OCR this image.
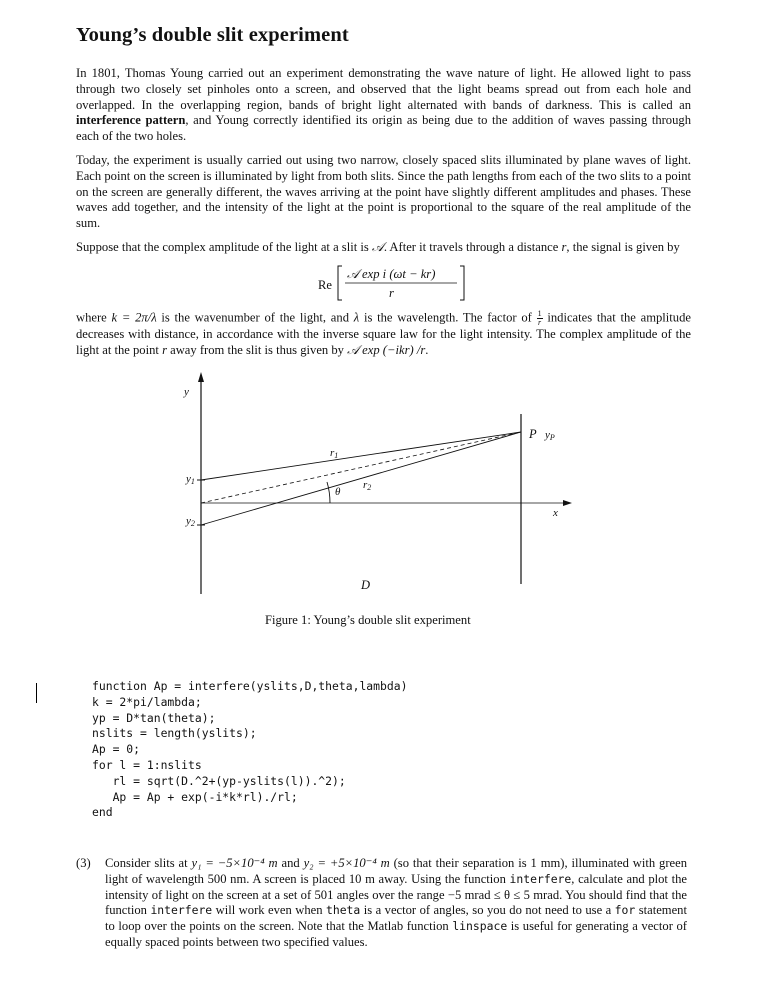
Young’s double slit experiment

In 1801, Thomas Young carried out an experiment demonstrating the wave nature of light. He allowed light to pass through two closely set pinholes onto a screen, and observed that the light beams spread out from each hole and overlapped. In the overlapping region, bands of bright light alternated with bands of darkness. This is called an interference pattern, and Young correctly identified its origin as being due to the addition of waves passing through each of the two holes.

Today, the experiment is usually carried out using two narrow, closely spaced slits illuminated by plane waves of light. Each point on the screen is illuminated by light from both slits. Since the path lengths from each of the two slits to a point on the screen are generally different, the waves arriving at the point have slightly different amplitudes and phases. These waves add together, and the intensity of the light at the point is proportional to the square of the real amplitude of the sum.

Suppose that the complex amplitude of the light at a slit is 𝒜. After it travels through a distance r, the signal is given by

Re
𝒜 exp i (ωt − kr)
r

where k = 2π/λ is the wavenumber of the light, and λ is the wavelength. The factor of $\frac{1}{r}$ indicates that the amplitude decreases with distance, in accordance with the inverse square law for the light intensity. The complex amplitude of the light at the point r away from the slit is thus given by 𝒜 exp (−ikr) /r.

y
y1
y2
r1
r2
θ
P yP
x
D

Figure 1: Young’s double slit experiment

function Ap = interfere(yslits,D,theta,lambda)
k = 2*pi/lambda;
yp = D*tan(theta);
nslits = length(yslits);
Ap = 0;
for l = 1:nslits
rl = sqrt(D.^2+(yp-yslits(l)).^2);
Ap = Ap + exp(-i*k*rl)./rl;
end

(3) Consider slits at y₁ = −5×10⁻⁴ m and y₂ = +5×10⁻⁴ m (so that their separation is 1 mm), illuminated with green light of wavelength 500 nm. A screen is placed 10 m away. Using the function interfere, calculate and plot the intensity of light on the screen at a set of 501 angles over the range −5 mrad ≤ θ ≤ 5 mrad. You should find that the function interfere will work even when theta is a vector of angles, so you do not need to use a for statement to loop over the points on the screen. Note that the Matlab function linspace is useful for generating a vector of equally spaced points between two specified values.
